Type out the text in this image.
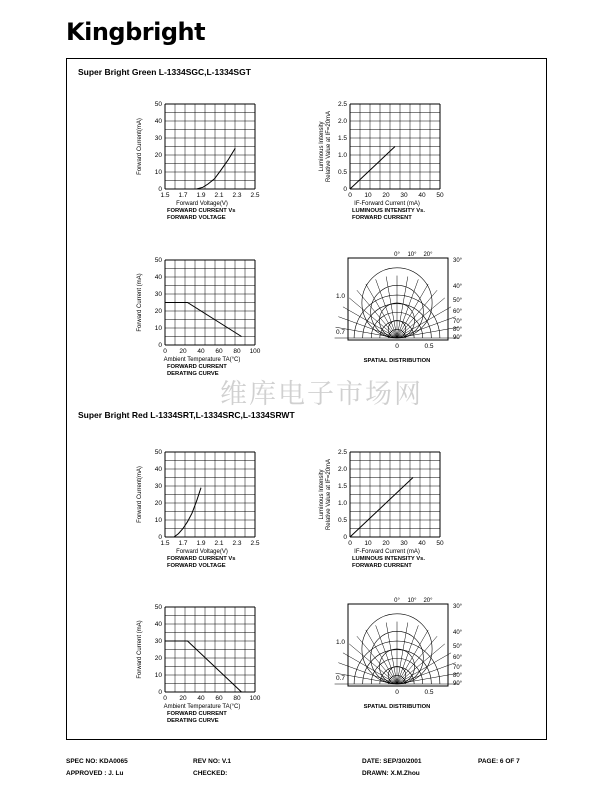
Kingbright
Super Bright Green L-1334SGC,L-1334SGT
Super Bright Red L-1334SRT,L-1334SRC,L-1334SRWT
维库电子市场网
1.5 1.7 1.9 2.1 2.3 2.5
0
10
20
30
40
50
Forward Current(mA)
Forward Voltage(V)
FORWARD CURRENT Vs
FORWARD VOLTAGE
0 10 20 30 40 50
0
0.5
1.0
1.5
2.0
2.5
Luminous Intensity Relative Value at IF=20mA
IF-Forward Current (mA)
LUMINOUS INTENSITY Vs.
FORWARD CURRENT
0 20 40 60 80 100
0
10
20
30
40
50
Forward Current (mA)
Ambient Temperature TA(°C)
FORWARD CURRENT
DERATING CURVE
0° 10° 20°
30°
40°
50°
60°
70°
80°
90°
1.0
0.7
0	0.5
SPATIAL DISTRIBUTION
1.5 1.7 1.9 2.1 2.3 2.5
0
10
20
30
40
50
Forward Current(mA)
Forward Voltage(V)
FORWARD CURRENT Vs
FORWARD VOLTAGE
0 10 20 30 40 50
0
0.5
1.0
1.5
2.0
2.5
Luminous Intensity Relative Value at IF=20mA
IF-Forward Current (mA)
LUMINOUS INTENSITY Vs.
FORWARD CURRENT
0 20 40 60 80 100
0
10
20
30
40
50
Forward Current (mA)
Ambient Temperature TA(°C)
FORWARD CURRENT
DERATING CURVE
0° 10° 20°
30°
40°
50°
60°
70°
80°
90°
1.0
0.7
0	0.5
SPATIAL DISTRIBUTION
SPEC NO: KDA0065
APPROVED : J. Lu
REV NO: V.1
CHECKED:
DATE: SEP/30/2001
DRAWN: X.M.Zhou
PAGE: 6 OF 7
